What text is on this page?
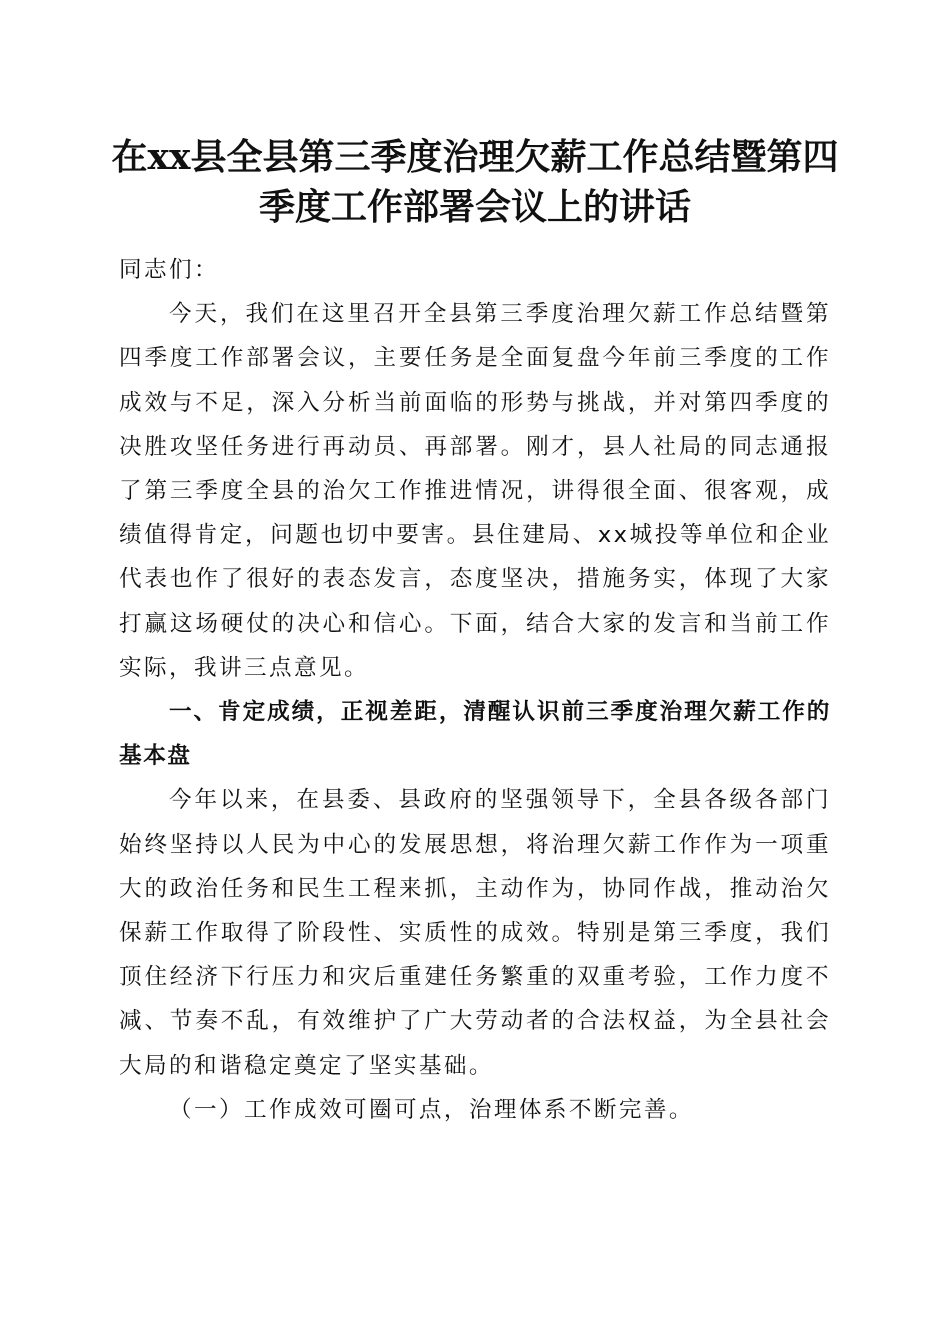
在xx县全县第三季度治理欠薪工作总结暨第四季度工作部署会议上的讲话

同志们：

今天，我们在这里召开全县第三季度治理欠薪工作总结暨第四季度工作部署会议，主要任务是全面复盘今年前三季度的工作成效与不足，深入分析当前面临的形势与挑战，并对第四季度的决胜攻坚任务进行再动员、再部署。刚才，县人社局的同志通报了第三季度全县的治欠工作推进情况，讲得很全面、很客观，成绩值得肯定，问题也切中要害。县住建局、xx城投等单位和企业代表也作了很好的表态发言，态度坚决，措施务实，体现了大家打赢这场硬仗的决心和信心。下面，结合大家的发言和当前工作实际，我讲三点意见。

一、肯定成绩，正视差距，清醒认识前三季度治理欠薪工作的基本盘

今年以来，在县委、县政府的坚强领导下，全县各级各部门始终坚持以人民为中心的发展思想，将治理欠薪工作作为一项重大的政治任务和民生工程来抓，主动作为，协同作战，推动治欠保薪工作取得了阶段性、实质性的成效。特别是第三季度，我们顶住经济下行压力和灾后重建任务繁重的双重考验，工作力度不减、节奏不乱，有效维护了广大劳动者的合法权益，为全县社会大局的和谐稳定奠定了坚实基础。

（一）工作成效可圈可点，治理体系不断完善。
